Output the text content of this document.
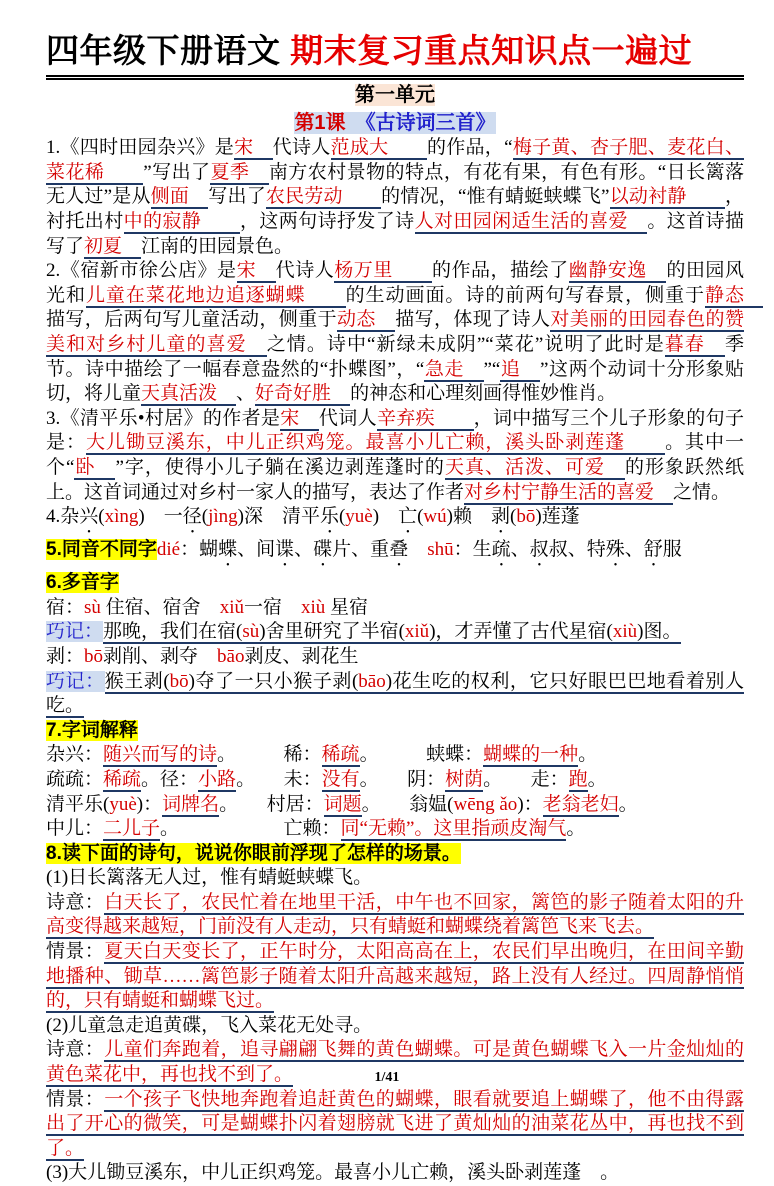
四年级下册语文 期末复习重点知识点一遍过
第一单元
第1课　 《古诗词三首》
1.《四时田园杂兴》是宋　代诗人范成大　　的作品，“梅子黄、杏子肥、麦花白、菜花稀　　”写出了夏季　南方农村景物的特点，有花有果，有色有形。“日长篱落无人过”是从侧面　写出了农民劳动　　的情况，“惟有蜻蜓蛱蝶飞”以动衬静　　，衬托出村中的寂静　　，这两句诗抒发了诗人对田园闲适生活的喜爱　。这首诗描写了初夏　江南的田园景色。
2.《宿新市徐公店》是宋　代诗人杨万里　　的作品，描绘了幽静安逸　的田园风光和儿童在菜花地边追逐蝴蝶　　的生动画面。诗的前两句写春景，侧重于静态　描写，后两句写儿童活动，侧重于动态　描写，体现了诗人对美丽的田园春色的赞美和对乡村儿童的喜爱　之情。诗中“新绿未成阴”“菜花”说明了此时是暮春　季节。诗中描绘了一幅春意盎然的“扑蝶图”，“急走　”“追　”这两个动词十分形象贴切，将儿童天真活泼　、好奇好胜　的神态和心理刻画得惟妙惟肖。
3.《清平乐•村居》的作者是宋　代词人辛弃疾　　，词中描写三个儿子形象的句子是：大儿锄豆溪东，中儿正织鸡笼。最喜小儿亡赖，溪头卧剥莲蓬　　。其中一个“卧　”字，使得小儿子躺在溪边剥莲蓬时的天真、活泼、可爱　的形象跃然纸上。这首词通过对乡村一家人的描写，表达了作者对乡村宁静生活的喜爱　之情。
4.杂兴(xìng)　一径(jìng)深　清平乐(yuè)　亡(wú)赖　剥(bō)莲蓬
5.同音不同字dié：蝴蝶、间谍、碟片、重叠　 shū：生疏、叔叔、特殊、舒服
6.多音字
宿：sù 住宿、宿舍　xiǔ一宿　xiù 星宿
巧记：那晚，我们在宿(sù)舍里研究了半宿(xiǔ)，才弄懂了古代星宿(xiù)图。
剥：bō剥削、剥夺　bāo剥皮、剥花生
巧记：猴王剥(bō)夺了一只小猴子剥(bāo)花生吃的权利，它只好眼巴巴地看着别人吃。
7.字词解释
杂兴：随兴而写的诗。　　　稀：稀疏。　　　蛱蝶：蝴蝶的一种。
疏疏：稀疏。径：小路。　　未：没有。　　阴：树荫。　　走：跑。
清平乐(yuè)：词牌名。　　村居：词题。　　翁媪(wēng ǎo)：老翁老妇。
中儿：二儿子。　　　　　　亡赖：同“无赖”。这里指顽皮淘气。
8.读下面的诗句，说说你眼前浮现了怎样的场景。
(1)日长篱落无人过，惟有蜻蜓蛱蝶飞。
诗意：白天长了，农民忙着在地里干活，中午也不回家，篱笆的影子随着太阳的升高变得越来越短，门前没有人走动，只有蜻蜓和蝴蝶绕着篱笆飞来飞去。
情景：夏天白天变长了，正午时分，太阳高高在上，农民们早出晚归，在田间辛勤地播种、锄草……篱笆影子随着太阳升高越来越短，路上没有人经过。四周静悄悄的，只有蜻蜓和蝴蝶飞过。
(2)儿童急走追黄碟，飞入菜花无处寻。
诗意：儿童们奔跑着，追寻翩翩飞舞的黄色蝴蝶。可是黄色蝴蝶飞入一片金灿灿的黄色菜花中，再也找不到了。
情景：一个孩子飞快地奔跑着追赶黄色的蝴蝶，眼看就要追上蝴蝶了，他不由得露出了开心的微笑，可是蝴蝶扑闪着翅膀就飞进了黄灿灿的油菜花丛中，再也找不到了。
(3)大儿锄豆溪东，中儿正织鸡笼。最喜小儿亡赖，溪头卧剥莲蓬　。
1/41
